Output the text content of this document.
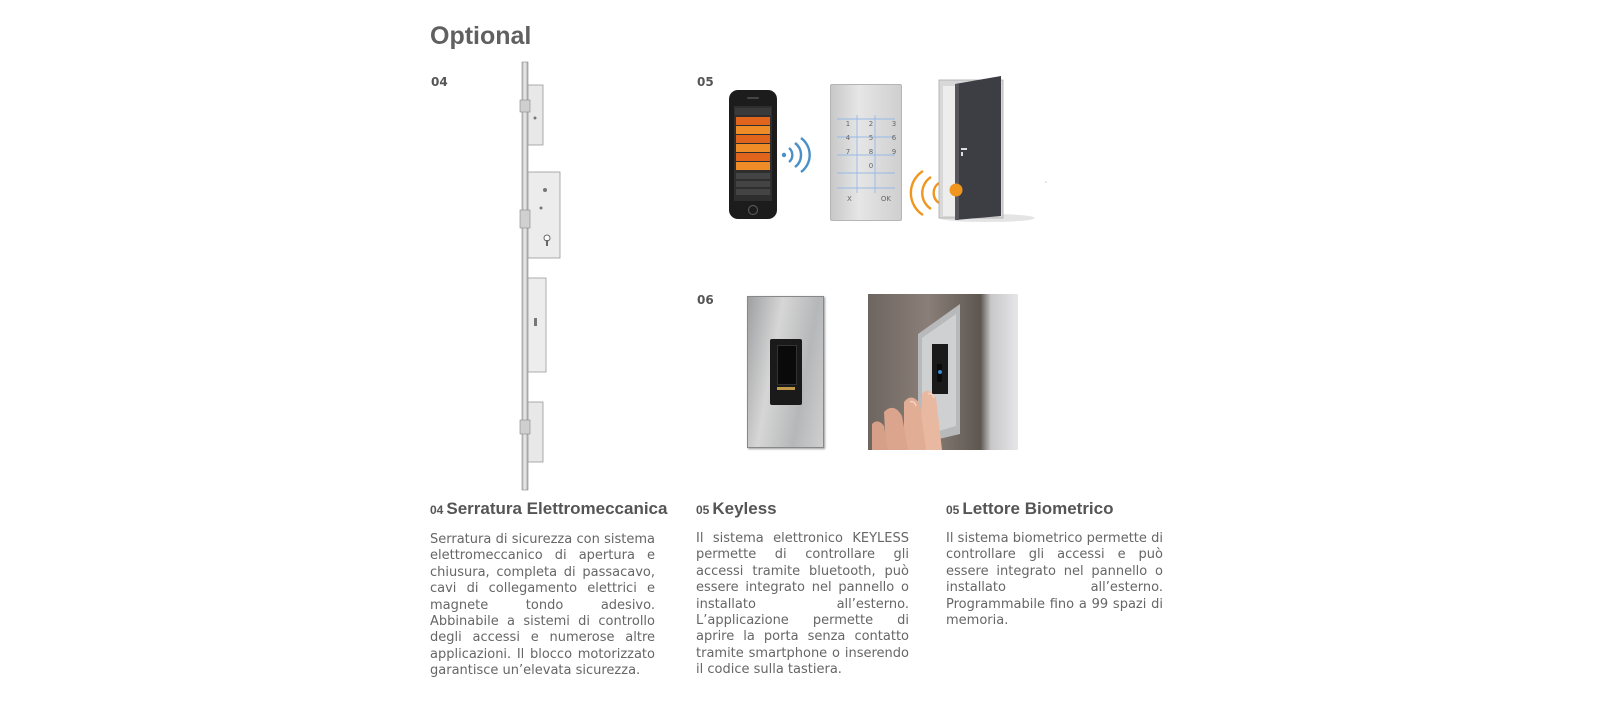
Optional
04	05
06
1	2	3
4	5	6
7	8	9
0
X	OK
04 Serratura Elettromeccanica
Serratura di sicurezza con sistema elettromeccanico di apertura e chiusura, completa di passacavo, cavi di collegamento elettrici e magnete tondo adesivo. Abbinabile a sistemi di controllo degli accessi e numerose altre applicazioni. Il blocco motorizzato garantisce un’elevata sicurezza.
05 Keyless
Il sistema elettronico KEYLESS permette di controllare gli accessi tramite bluetooth, può essere integrato nel pannello o installato all’esterno. L’applicazione permette di aprire la porta senza contatto tramite smartphone o inserendo il codice sulla tastiera.
05 Lettore Biometrico
Il sistema biometrico permette di controllare gli accessi e può essere integrato nel pannello o installato all’esterno. Programmabile fino a 99 spazi di memoria.
